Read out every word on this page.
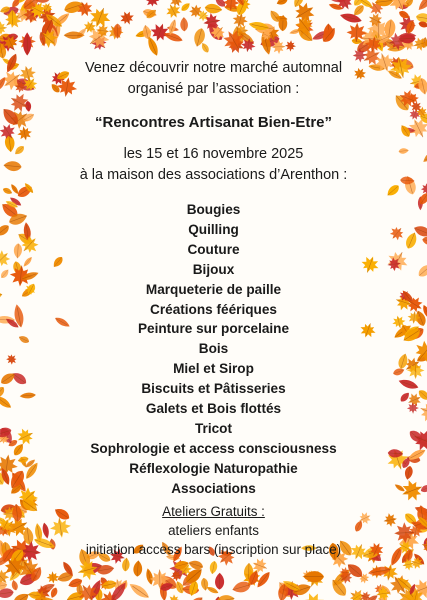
Venez découvrir notre marché automnal
organisé par l’association :

“Rencontres Artisanat Bien-Etre”

les 15 et 16 novembre 2025
à la maison des associations d’Arenthon :

Bougies
Quilling
Couture
Bijoux
Marqueterie de paille
Créations féériques
Peinture sur porcelaine
Bois
Miel et Sirop
Biscuits et Pâtisseries
Galets et Bois flottés
Tricot
Sophrologie et access consciousness
Réflexologie Naturopathie
Associations
Ateliers Gratuits :
ateliers enfants
initiation access bars (inscription sur place)
